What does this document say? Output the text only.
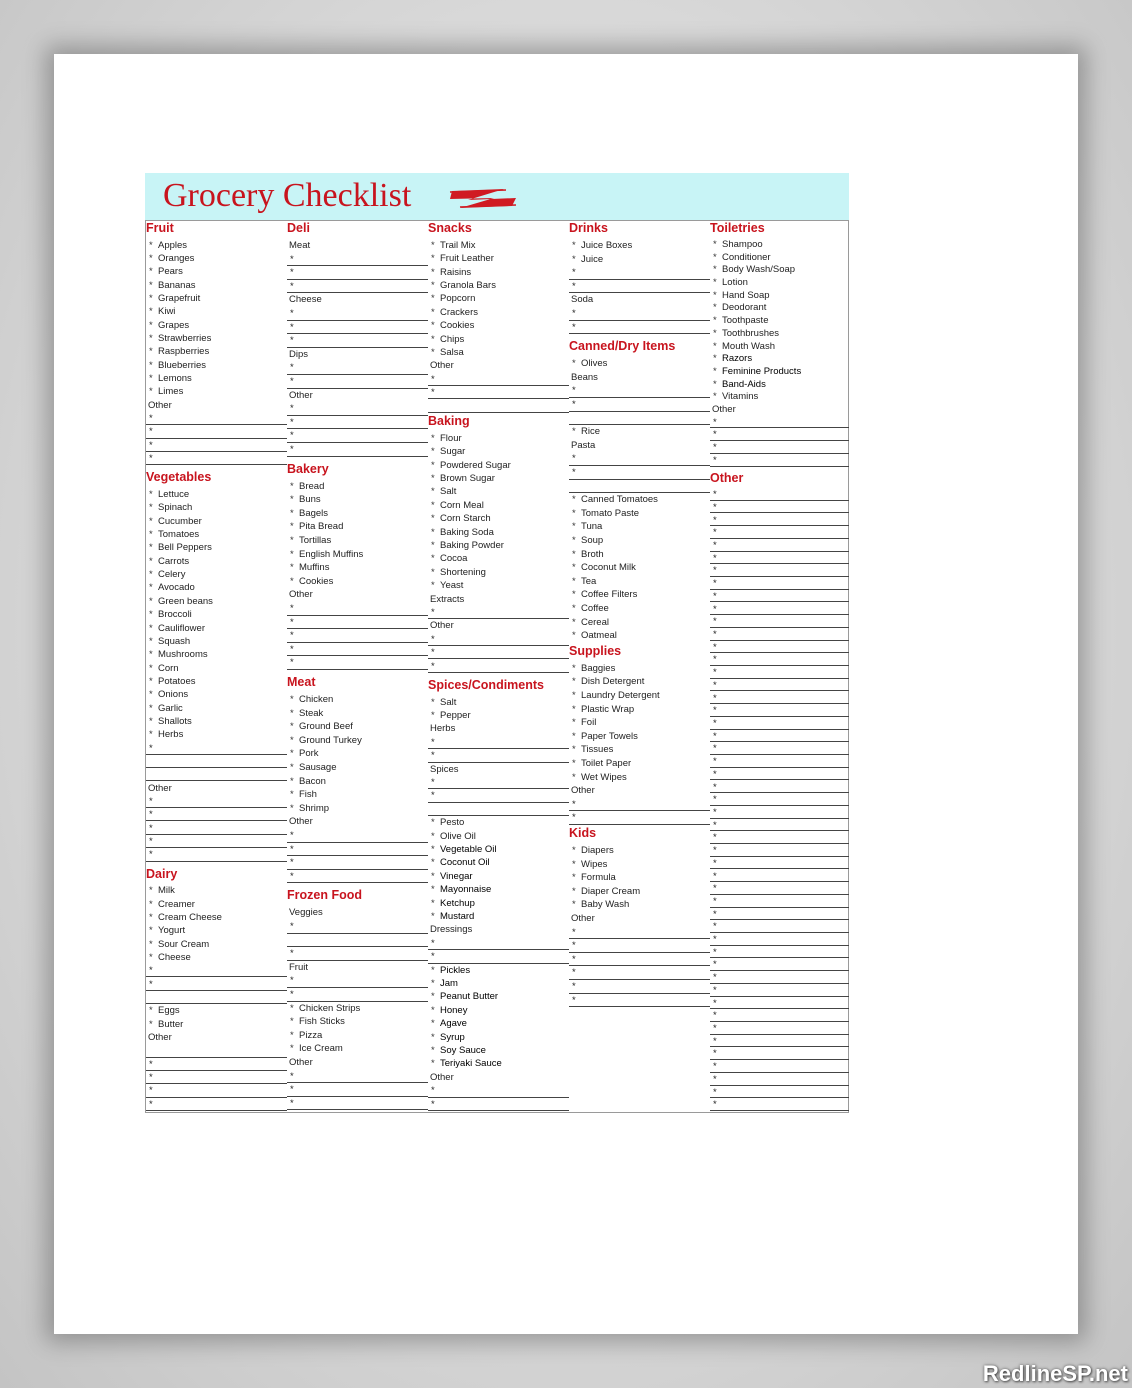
Grocery Checklist
Fruit
* Apples
* Oranges
* Pears
* Bananas
* Grapefruit
* Kiwi
* Grapes
* Strawberries
* Raspberries
* Blueberries
* Lemons
* Limes
Other
*
*
*
*
Vegetables
* Lettuce
* Spinach
* Cucumber
* Tomatoes
* Bell Peppers
* Carrots
* Celery
* Avocado
* Green beans
* Broccoli
* Cauliflower
* Squash
* Mushrooms
* Corn
* Potatoes
* Onions
* Garlic
* Shallots
* Herbs
*
Other
*
*
*
*
*
Dairy
* Milk
* Creamer
* Cream Cheese
* Yogurt
* Sour Cream
* Cheese
*
*
* Eggs
* Butter
Other
*
*
*
*
Deli
Meat
*
*
*
Cheese
*
*
*
Dips
*
*
Other
*
*
*
*
Bakery
* Bread
* Buns
* Bagels
* Pita Bread
* Tortillas
* English Muffins
* Muffins
* Cookies
Other
*
*
*
*
*
Meat
* Chicken
* Steak
* Ground Beef
* Ground Turkey
* Pork
* Sausage
* Bacon
* Fish
* Shrimp
Other
*
*
*
*
Frozen Food
Veggies
*
*
Fruit
*
*
* Chicken Strips
* Fish Sticks
* Pizza
* Ice Cream
Other
*
*
*
Snacks
* Trail Mix
* Fruit Leather
* Raisins
* Granola Bars
* Popcorn
* Crackers
* Cookies
* Chips
* Salsa
Other
*
*
Baking
* Flour
* Sugar
* Powdered Sugar
* Brown Sugar
* Salt
* Corn Meal
* Corn Starch
* Baking Soda
* Baking Powder
* Cocoa
* Shortening
* Yeast
Extracts
*
Other
*
*
*
Spices/Condiments
* Salt
* Pepper
Herbs
*
*
Spices
*
*
* Pesto
* Olive Oil
* Vegetable Oil
* Coconut Oil
* Vinegar
* Mayonnaise
* Ketchup
* Mustard
Dressings
*
*
* Pickles
* Jam
* Peanut Butter
* Honey
* Agave
* Syrup
* Soy Sauce
* Teriyaki Sauce
Other
*
*
Drinks
* Juice Boxes
* Juice
*
*
Soda
*
*
Canned/Dry Items
* Olives
Beans
*
*
* Rice
Pasta
*
*
* Canned Tomatoes
* Tomato Paste
* Tuna
* Soup
* Broth
* Coconut Milk
* Tea
* Coffee Filters
* Coffee
* Cereal
* Oatmeal
Supplies
* Baggies
* Dish Detergent
* Laundry Detergent
* Plastic Wrap
* Foil
* Paper Towels
* Tissues
* Toilet Paper
* Wet Wipes
Other
*
*
Kids
* Diapers
* Wipes
* Formula
* Diaper Cream
* Baby Wash
Other
*
*
*
*
*
*
Toiletries
* Shampoo
* Conditioner
* Body Wash/Soap
* Lotion
* Hand Soap
* Deodorant
* Toothpaste
* Toothbrushes
* Mouth Wash
* Razors
* Feminine Products
* Band-Aids
* Vitamins
Other
*
*
*
*
Other
*
*
*
*
*
*
*
*
*
*
*
*
*
*
*
*
*
*
*
*
*
*
*
*
*
*
*
*
*
*
*
*
*
*
*
*
*
*
*
*
*
*
*
*
*
*
*
*
*
RedlineSP.net
